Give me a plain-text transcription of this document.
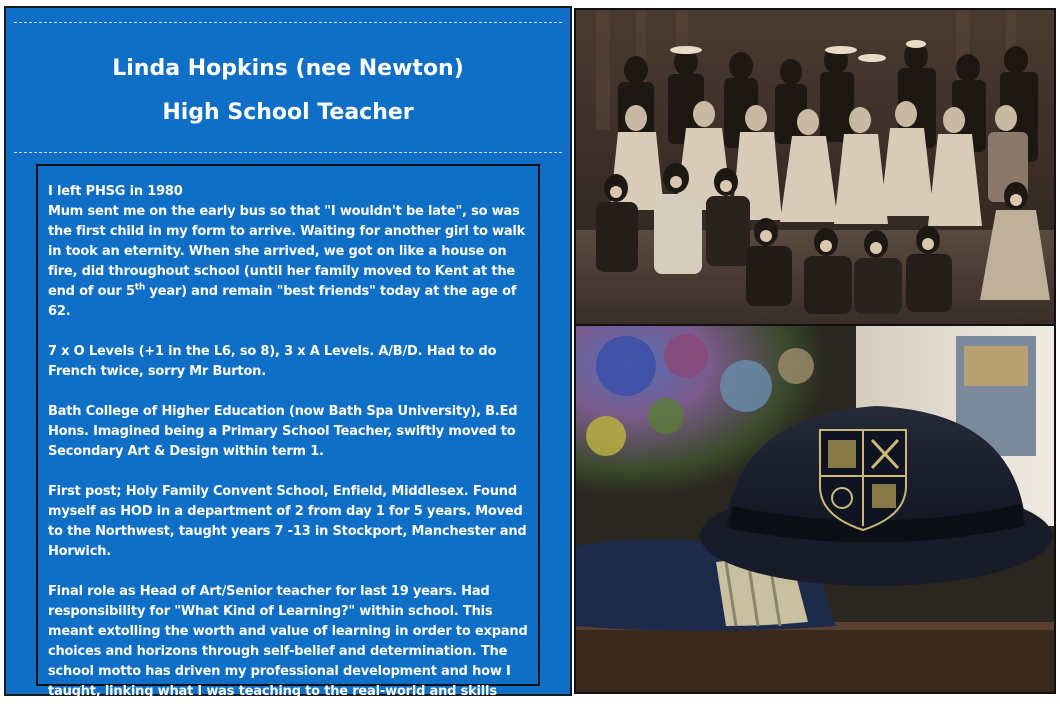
Linda Hopkins (nee Newton)
High School Teacher

I left PHSG in 1980

Mum sent me on the early bus so that "I wouldn't be late", so was the first child in my form to arrive. Waiting for another girl to walk in took an eternity. When she arrived, we got on like a house on fire, did throughout school (until her family moved to Kent at the end of our 5th year) and remain "best friends" today at the age of 62.

7 x O Levels (+1 in the L6, so 8), 3 x A Levels. A/B/D. Had to do French twice, sorry Mr Burton.

Bath College of Higher Education (now Bath Spa University), B.Ed Hons. Imagined being a Primary School Teacher, swiftly moved to Secondary Art & Design within term 1.

First post; Holy Family Convent School, Enfield, Middlesex. Found myself as HOD in a department of 2 from day 1 for 5 years. Moved to the Northwest, taught years 7 -13 in Stockport, Manchester and Horwich.

Final role as Head of Art/Senior teacher for last 19 years. Had responsibility for "What Kind of Learning?" within school. This meant extolling the worth and value of learning in order to expand choices and horizons through self-belief and determination. The school motto has driven my professional development and how I taught, linking what I was teaching to the real-world and skills beyond the classroom. Hope you still have the school song…….
